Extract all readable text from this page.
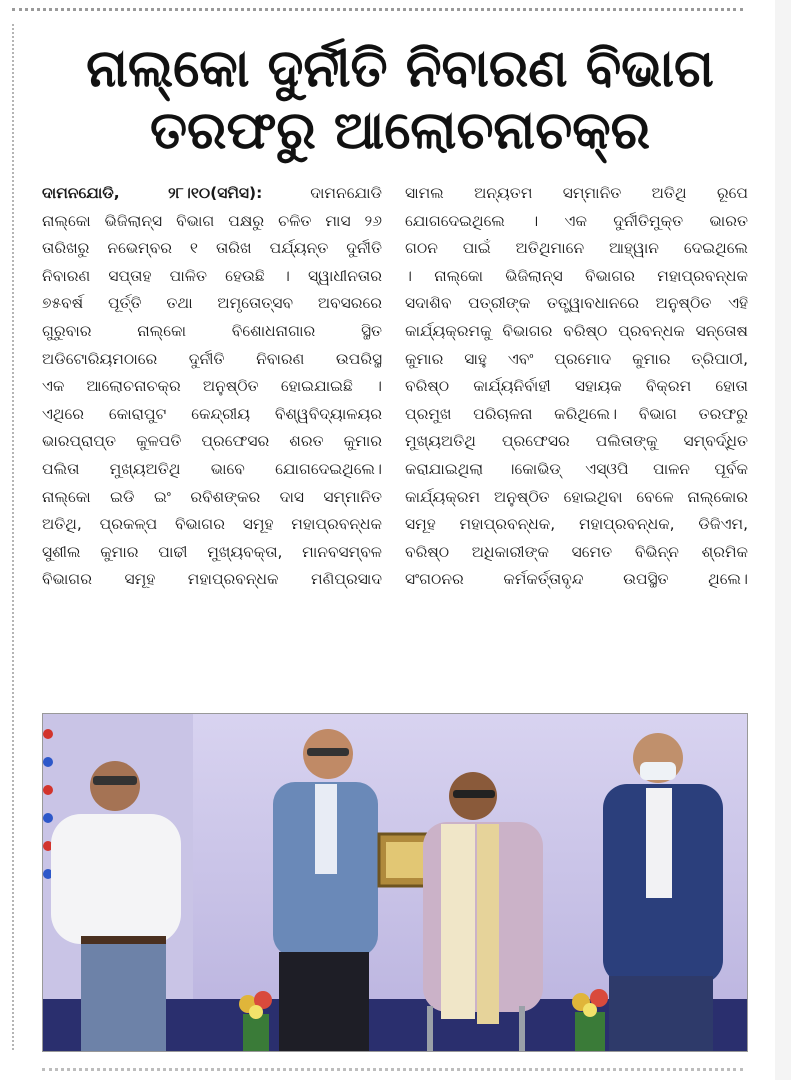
ନାଲ୍‌କୋ ଦୁର୍ନୀତି ନିବାରଣ ବିଭାଗ
ତରଫରୁ ଆଲୋଚନାଚକ୍ର
ଦାମନଯୋଡି, ୨୮।୧୦(ସମିସ):	ଦାମନଯୋଡି
ନାଲ୍କୋ ଭିଜିଲାନ୍ସ ବିଭାଗ ପକ୍ଷରୁ ଚଳିତ ମାସ ୨୬
ତାରିଖରୁ ନଭେମ୍ବର ୧ ତାରିଖ ପର୍ଯ୍ୟନ୍ତ ଦୁର୍ନୀତି
ନିବାରଣ ସପ୍ତାହ ପାଳିତ ହେଉଛି । ସ୍ୱାଧୀନତାର
୭୫ବର୍ଷ ପୂର୍ତ୍ତି ତଥା ଅମୃତୋତ୍ସବ ଅବସରରେ
ଗୁରୁବାର ନାଲ୍କୋ ବିଶୋଧନାଗାର ସ୍ଥିତ
ଅଡିଟୋରିୟମଠାରେ ଦୁର୍ନୀତି ନିବାରଣ ଉପରିସ୍ଥ
ଏକ ଆଲୋଚନାଚକ୍ର ଅନୁଷ୍ଠିତ ହୋଇଯାଇଛି ।
ଏଥିରେ କୋରାପୁଟ କେନ୍ଦ୍ରୀୟ ବିଶ୍ୱବିଦ୍ୟାଳୟର
ଭାରପ୍ରାପ୍ତ କୁଳପତି ପ୍ରଫେସର ଶରତ କୁମାର
ପଲିତା ମୁଖ୍ୟଅତିଥି ଭାବେ ଯୋଗଦେଇଥିଲେ।
ନାଲ୍କୋ ଇଡି ଇଂ ରବିଶଙ୍କର ଦାସ ସମ୍ମାନିତ
ଅତିଥି, ପ୍ରକଳ୍ପ ବିଭାଗର ସମୂହ ମହାପ୍ରବନ୍ଧକ
ସୁଶୀଲ କୁମାର ପାଢୀ ମୁଖ୍ୟବକ୍ତା, ମାନବସମ୍ବଳ
ବିଭାଗର ସମୂହ ମହାପ୍ରବନ୍ଧକ ମଣିପ୍ରସାଦ
ସାମଲ ଅନ୍ୟତମ ସମ୍ମାନିତ ଅତିଥି ରୂପେ
ଯୋଗଦେଇଥିଲେ । ଏକ ଦୁର୍ନୀତିମୁକ୍ତ ଭାରତ
ଗଠନ ପାଇଁ ଅତିଥିମାନେ ଆହ୍ୱାନ ଦେଇଥିଲେ
। ନାଲ୍କୋ ଭିଜିଲାନ୍ସ ବିଭାଗର ମହାପ୍ରବନ୍ଧକ
ସଦାଶିବ ପତ୍ରୀଙ୍କ ତତ୍ତ୍ୱାବଧାନରେ ଅନୁଷ୍ଠିତ ଏହି
କାର୍ଯ୍ୟକ୍ରମକୁ ବିଭାଗର ବରିଷ୍ଠ ପ୍ରବନ୍ଧକ ସନ୍ତୋଷ
କୁମାର ସାହୁ ଏବଂ ପ୍ରମୋଦ କୁମାର ତ୍ରିପାଠୀ,
ବରିଷ୍ଠ କାର୍ଯ୍ୟନିର୍ବାହୀ ସହାୟକ ବିକ୍ରମ ହୋତା
ପ୍ରମୁଖ ପରିଚାଳନା କରିଥିଲେ। ବିଭାଗ ତରଫରୁ
ମୁଖ୍ୟଅତିଥି ପ୍ରଫେସର ପଲିତାଙ୍କୁ ସମ୍ବର୍ଦ୍ଧିତ
କରାଯାଇଥିଲା ।କୋଭିଡ୍ ଏସ୍‌ଓପି ପାଳନ ପୂର୍ବକ
କାର୍ଯ୍ୟକ୍ରମ ଅନୁଷ୍ଠିତ ହୋଇଥିବା ବେଳେ ନାଲ୍କୋର
ସମୂହ ମହାପ୍ରବନ୍ଧକ, ମହାପ୍ରବନ୍ଧକ, ଡିଜିଏମ,
ବରିଷ୍ଠ ଅଧିକାରୀଙ୍କ ସମେତ ବିଭିନ୍ନ ଶ୍ରମିକ
ସଂଗଠନର କର୍ମକର୍ତ୍ତାବୃନ୍ଦ ଉପସ୍ଥିତ ଥିଲେ।
